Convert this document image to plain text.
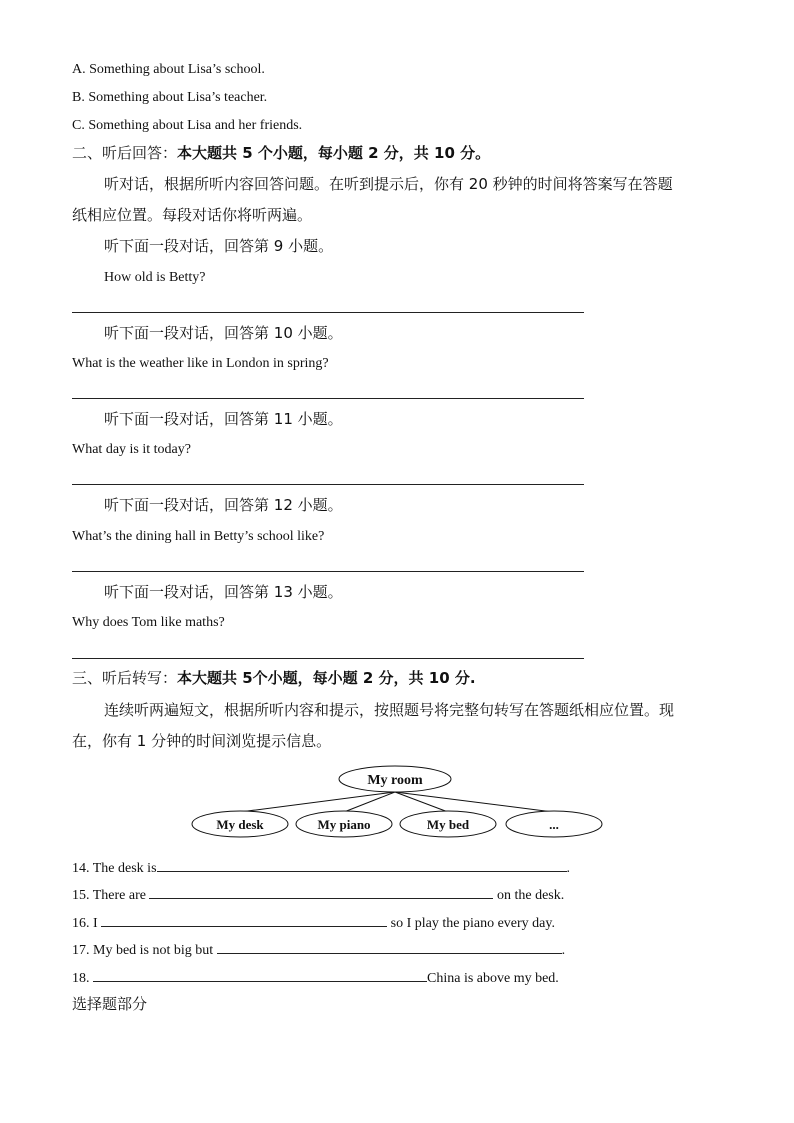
A. Something about Lisa’s school.
B. Something about Lisa’s teacher.
C. Something about Lisa and her friends.
二、听后回答：本大题共 5 个小题，每小题 2 分，共 10 分。
听对话，根据所听内容回答问题。在听到提示后，你有 20 秒钟的时间将答案写在答题
纸相应位置。每段对话你将听两遍。
听下面一段对话，回答第 9 小题。
How old is Betty?
听下面一段对话，回答第 10 小题。
What is the weather like in London in spring?
听下面一段对话，回答第 11 小题。
What day is it today?
听下面一段对话，回答第 12 小题。
What’s the dining hall in Betty’s school like?
听下面一段对话，回答第 13 小题。
Why does Tom like maths?
三、听后转写：本大题共 5个小题，每小题 2 分，共 10 分.
连续听两遍短文，根据所听内容和提示，按照题号将完整句转写在答题纸相应位置。现
在，你有 1 分钟的时间浏览提示信息。
My room
My desk	My piano	My bed	...
14. The desk is	.
15. There are	on the desk.
16. I	so I play the piano every day.
17. My bed is not big but	.
18.	China is above my bed.
选择题部分
